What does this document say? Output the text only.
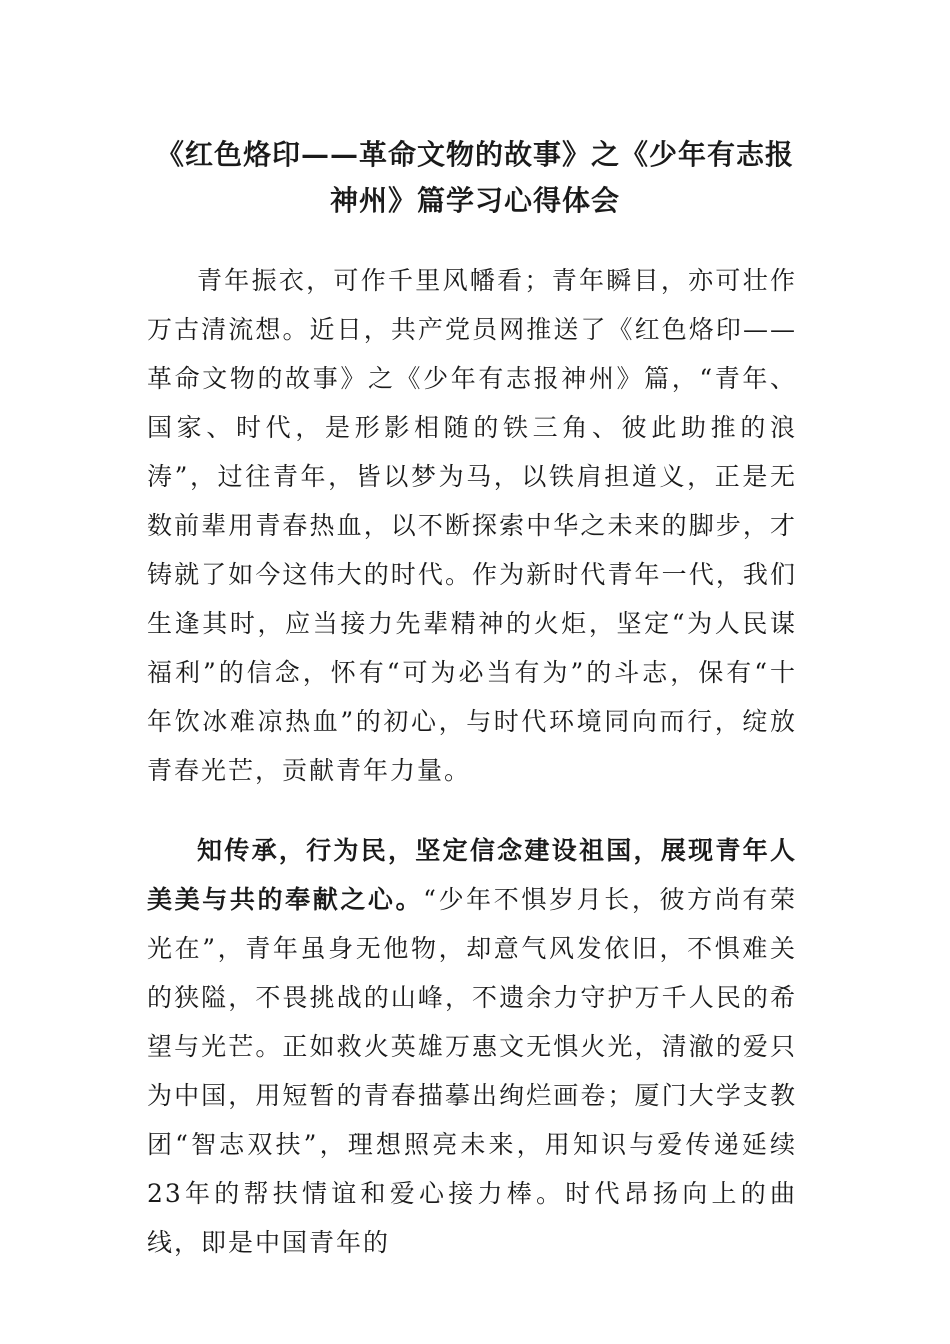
《红色烙印——革命文物的故事》之《少年有志报神州》篇学习心得体会

青年振衣，可作千里风幡看；青年瞬目，亦可壮作万古清流想。近日，共产党员网推送了《红色烙印——革命文物的故事》之《少年有志报神州》篇，“青年、国家、时代，是形影相随的铁三角、彼此助推的浪涛”，过往青年，皆以梦为马，以铁肩担道义，正是无数前辈用青春热血，以不断探索中华之未来的脚步，才铸就了如今这伟大的时代。作为新时代青年一代，我们生逢其时，应当接力先辈精神的火炬，坚定“为人民谋福利”的信念，怀有“可为必当有为”的斗志，保有“十年饮冰难凉热血”的初心，与时代环境同向而行，绽放青春光芒，贡献青年力量。

知传承，行为民，坚定信念建设祖国，展现青年人美美与共的奉献之心。“少年不惧岁月长，彼方尚有荣光在”，青年虽身无他物，却意气风发依旧，不惧难关的狭隘，不畏挑战的山峰，不遗余力守护万千人民的希望与光芒。正如救火英雄万惠文无惧火光，清澈的爱只为中国，用短暂的青春描摹出绚烂画卷；厦门大学支教团“智志双扶”，理想照亮未来，用知识与爱传递延续23年的帮扶情谊和爱心接力棒。时代昂扬向上的曲线，即是中国青年的
